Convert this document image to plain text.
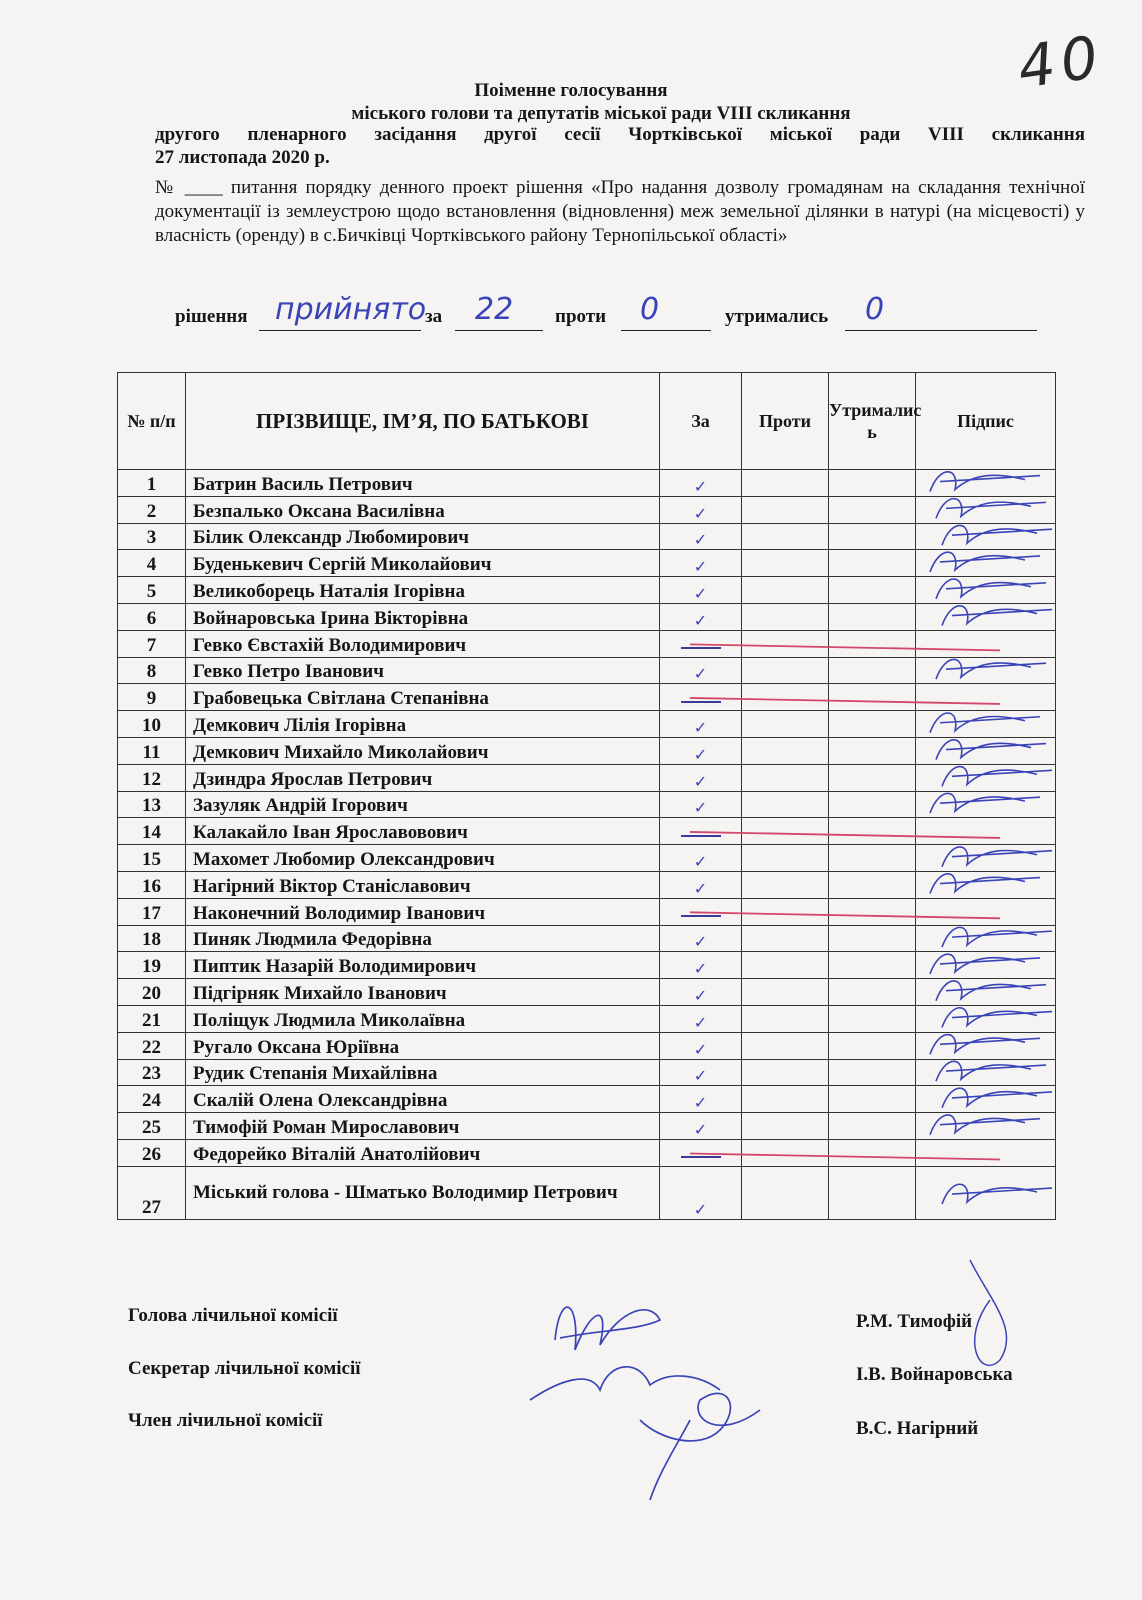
40
Поіменне голосування
міського голови та депутатів міської ради VIII скликання
другого пленарного засідання другої сесії Чортківської міської ради VIII скликання
27 листопада 2020 р.
№ ____ питання порядку денного проект рішення «Про надання дозволу громадянам на складання технічної документації із землеустрою щодо встановлення (відновлення) меж земельної ділянки в натурі (на місцевості) у власність (оренду) в с.Бичківці Чортківського району Тернопільської області»
рішення прийнято
за 22 проти 0	утримались 0
№ п/п	ПРІЗВИЩЕ, ІМ’Я, ПО БАТЬКОВІ	За	Проти	Утрималис ь	Підпис
1	Батрин Василь Петрович	✓			
2	Безпалько Оксана Василівна	✓			
3	Білик Олександр Любомирович	✓			
4	Буденькевич Сергій Миколайович	✓			
5	Великоборець Наталія Ігорівна	✓			
6	Войнаровська Ірина Вікторівна	✓			
7	Гевко Євстахій Володимирович				
8	Гевко Петро Іванович	✓			
9	Грабовецька Світлана Степанівна				
10	Демкович Лілія Ігорівна	✓			
11	Демкович Михайло Миколайович	✓			
12	Дзиндра Ярослав Петрович	✓			
13	Зазуляк Андрій Ігорович	✓			
14	Калакайло Іван Ярославовович				
15	Махомет Любомир Олександрович	✓			
16	Нагірний Віктор Станіславович	✓			
17	Наконечний Володимир Іванович				
18	Пиняк Людмила Федорівна	✓			
19	Пиптик Назарій Володимирович	✓			
20	Підгірняк Михайло Іванович	✓			
21	Поліщук Людмила Миколаївна	✓			
22	Ругало Оксана Юріївна	✓			
23	Рудик Степанія Михайлівна	✓			
24	Скалій Олена Олександрівна	✓			
25	Тимофій Роман Мирославович	✓			
26	Федорейко Віталій Анатолійович				
27	Міський голова - Шматько Володимир Петрович	✓			
Голова лічильної комісії	Р.М. Тимофій
Секретар лічильної комісії	І.В. Войнаровська
Член лічильної комісії	В.С. Нагірний
